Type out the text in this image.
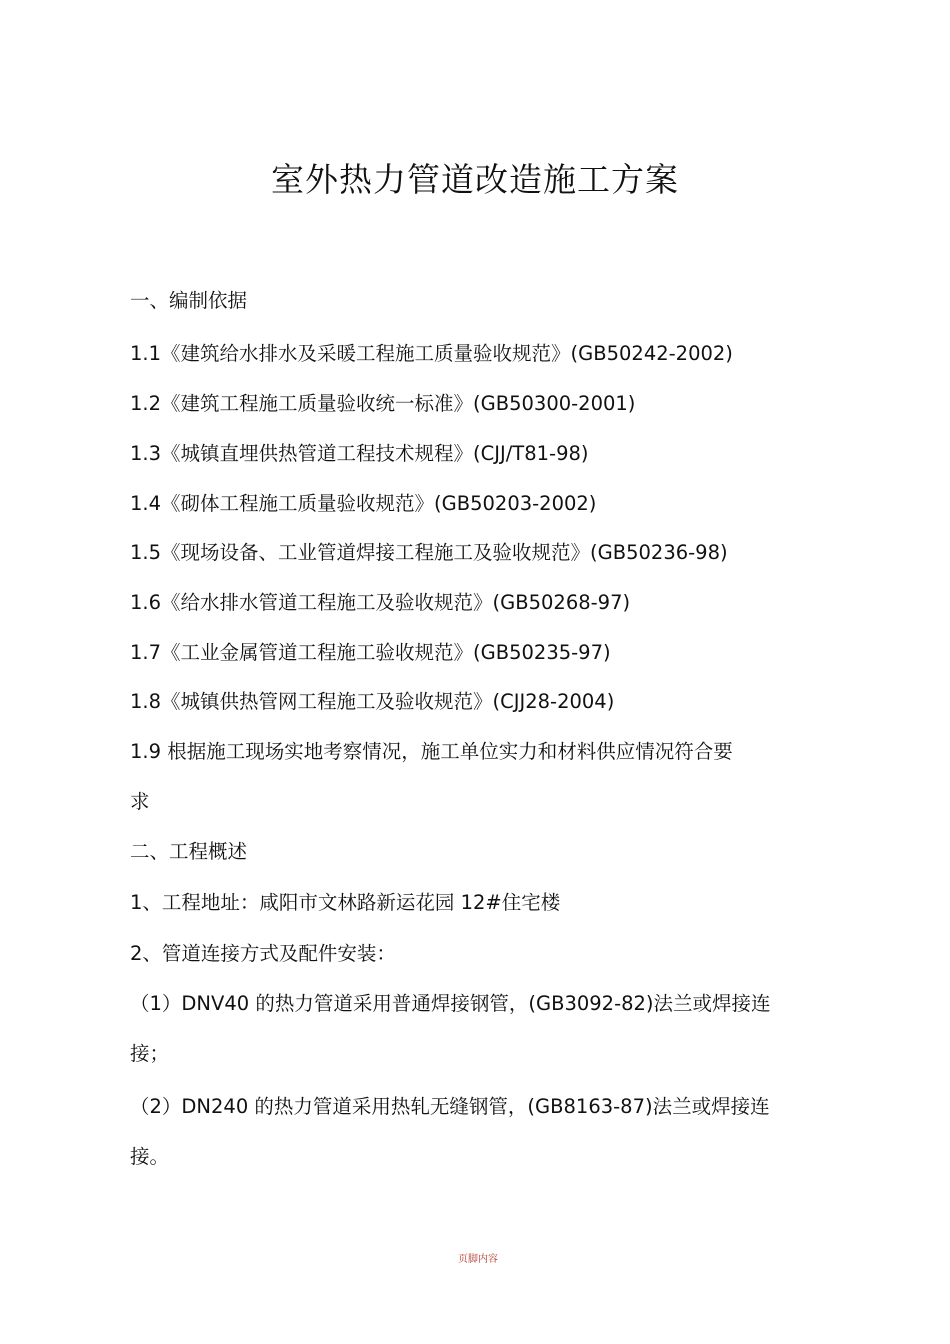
室外热力管道改造施工方案
一、编制依据
1.1《建筑给水排水及采暖工程施工质量验收规范》(GB50242-2002)
1.2《建筑工程施工质量验收统一标准》(GB50300-2001)
1.3《城镇直埋供热管道工程技术规程》(CJJ/T81-98)
1.4《砌体工程施工质量验收规范》(GB50203-2002)
1.5《现场设备、工业管道焊接工程施工及验收规范》(GB50236-98)
1.6《给水排水管道工程施工及验收规范》(GB50268-97)
1.7《工业金属管道工程施工验收规范》(GB50235-97)
1.8《城镇供热管网工程施工及验收规范》(CJJ28-2004)
1.9 根据施工现场实地考察情况，施工单位实力和材料供应情况符合要
求
二、工程概述
1、工程地址：咸阳市文林路新运花园 12#住宅楼
2、管道连接方式及配件安装：
（1）DNV40 的热力管道采用普通焊接钢管，(GB3092-82)法兰或焊接连
接；
（2）DN240 的热力管道采用热轧无缝钢管，(GB8163-87)法兰或焊接连
接。
页脚内容
